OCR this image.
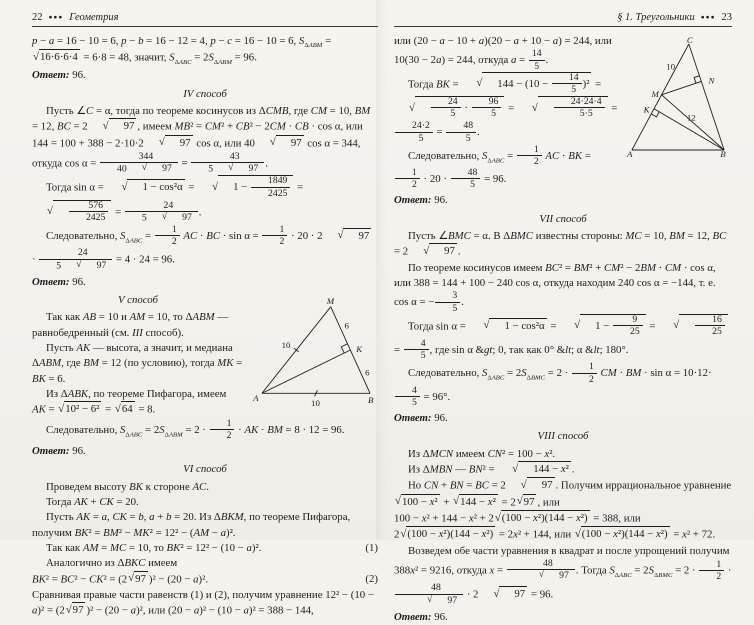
22 ●●● Геометрия

p − a = 16 − 10 = 6, p − b = 16 − 12 = 4, p − c = 16 − 10 = 6, $S_{\Delta ABM}$ =
√ 16·6·6·4 = 6·8 = 48, значит, $S_{\Delta ABC} = 2S_{\Delta ABM} = 96$.

Ответ: 96.

IV способ

Пусть ∠C = α, тогда по теореме косинусов из ΔCMB, где CM = 10, BM = 12, BC = 2	√	97 , имеем MB² = CM² + CB² − 2CM · CB · cos α, или 144 = 100 + 388 − 2·10·2	√	97 cos α, или 40	√	97 cos α = 344, откуда cos α = 344
40	√	97 = 43
5	√	97 .

Тогда sin α =	√	1 − cos²α =	√	$1 - \frac{1849}{2425}$ =
√ $\frac{576}{2425} = 24$
5	√	97 .

Следовательно, $S_{\Delta ABC} = \frac{1}{2}$ AC · BC · $\sin \alpha = \frac{1}{2} \cdot 20 \cdot 2$	√	97
· 24
5	√	97 = 4 · 24 = 96.

Ответ: 96.

M
6
K
6
10
A	10	B
V способ

Так как AB = 10 и AM = 10, то ΔABM — равнобедренный (см. III способ).

Пусть AK — высота, а значит, и медиана ΔABM, где BM = 12 (по условию), тогда MK = BK = 6.

Из ΔABK, по теореме Пифагора, имеем

AK = √ 10² − 6² = √ 64 = 8.

Следовательно, $S_{\Delta ABC} = 2S_{\Delta ABM} = 2 \cdot \frac{1}{2}$ · AK · BM = 8 · 12 = 96.

Ответ: 96.

VI способ

Проведем высоту BK к стороне AC.

Тогда AK + CK = 20.

Пусть AK = a, CK = b, a + b = 20. Из ΔBKM, по теореме Пифагора, получим BK² = BM² − MK² = 12² − (AM − a)².

Так как AM = MC = 10, то BK² = 12² − (10 − a)².	(1)

Аналогично из ΔBKC имеем

BK² = BC² − CK² = (2 √ 97 )² − (20 − a)².	(2)

Сравнивая правые части равенств (1) и (2), получим уравнение 12² − (10 − a)² = (2 √ 97 )² − (20 − a)², или (20 − a)² − (10 − a)² = 388 − 144,

§ 1. Треугольники ●●● 23
C
10
M
N
K
12
A	B

или (20 − a − 10 + a)(20 − a + 10 − a) = 244, или 10(30 − 2a) = 244, откуда $a = \frac{14}{5}$ .

Тогда BK =	√	$144 - (10 - \frac{14}{5} )^2$ =
√ $\frac{24}{5} \cdot \frac{96}{5}$ =	√ $\frac{24\cdot 24\cdot 4}{5\cdot 5}$ =
$\frac{24\cdot 2}{5} = \frac{48}{5}$ .

Следовательно, $S_{\Delta ABC} = \frac{1}{2}$ AC · BK =
$\frac{1}{2} \cdot 20 \cdot \frac{48}{5} = 96$.

Ответ: 96.

VII способ

Пусть ∠BMC = α. В ΔBMC известны стороны: MC = 10, BM = 12, BC = 2	√	97 .

По теореме косинусов имеем BC² = BM² + CM² − 2BM · CM · cos α, или 388 = 144 + 100 − 240 cos α, откуда находим 240 cos α = −144, т. е. cos α = − $\frac{3}{5}$ .

Тогда sin α =	√	1 − cos²α =	√	$1 - \frac{9}{25}$ =	√ $\frac{16}{25}$
= $\frac{4}{5}$ , где sin α &gt; 0, так как 0° &lt; α &lt; 180°.

Следовательно, $S_{\Delta ABC} = 2S_{\Delta BMC} = 2 \cdot \frac{1}{2}$ CM · BM · sin α = 10·12·
$\frac{4}{5} = 96^\circ$.

Ответ: 96.

VIII способ

Из ΔMCN имеем CN² = 100 − x².

Из ΔMBN — BN² =	√	144 − x² .

Но CN + BN = BC = 2	√	97 . Получим иррациональное уравнение

√ 100 − x² + √ 144 − x² = 2 √ 97 , или

100 − x² + 144 − x² + 2 √ (100 − x²)(144 − x²) = 388, или

2 √ (100 − x²)(144 − x²) = 2x² + 144, или √ (100 − x²)(144 − x²) = x² + 72.

Возведем обе части уравнения в квадрат и после упрощений получим 388x² = 9216, откуда x = 48
√	97 . Тогда $S_{\Delta ABC} = 2S_{\Delta BMC} = 2 \cdot \frac{1}{2}$ ·
48
√	97 · 2	√	97 = 96.

Ответ: 96.
